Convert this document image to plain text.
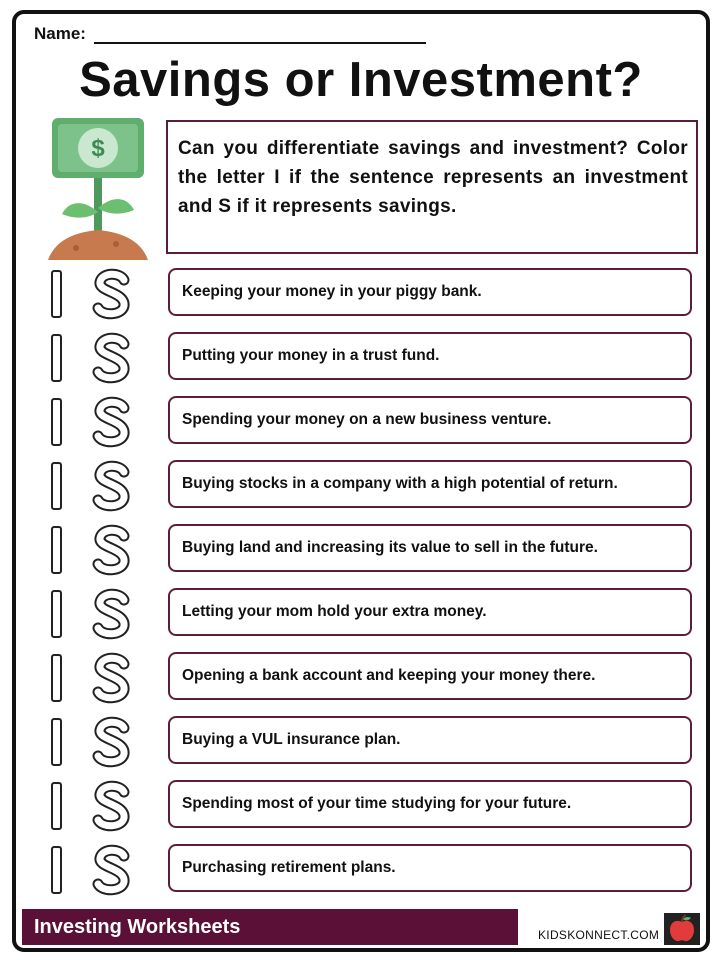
Name:
Savings or Investment?
$	Can you differentiate savings and investment? Color the letter I if the sentence represents an investment and S if it represents savings.
Keeping your money in your piggy bank.
Putting your money in a trust fund.
Spending your money on a new business venture.
Buying stocks in a company with a high potential of return.
Buying land and increasing its value to sell in the future.
Letting your mom hold your extra money.
Opening a bank account and keeping your money there.
Buying a VUL insurance plan.
Spending most of your time studying for your future.
Purchasing retirement plans.
Investing Worksheets	KIDSKONNECT.COM
